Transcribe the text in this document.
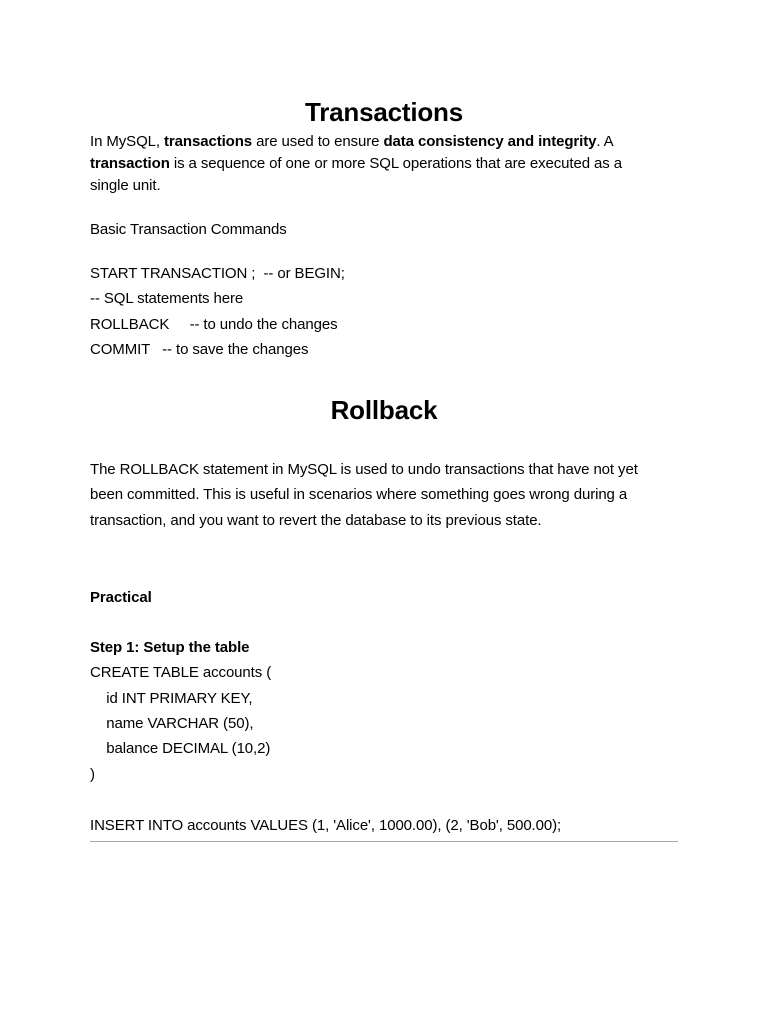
Transactions
In MySQL, transactions are used to ensure data consistency and integrity. A
transaction is a sequence of one or more SQL operations that are executed as a
single unit.
Basic Transaction Commands
START TRANSACTION ;  -- or BEGIN;
-- SQL statements here
ROLLBACK     -- to undo the changes
COMMIT   -- to save the changes
Rollback
The ROLLBACK statement in MySQL is used to undo transactions that have not yet
been committed. This is useful in scenarios where something goes wrong during a
transaction, and you want to revert the database to its previous state.
Practical
Step 1: Setup the table
CREATE TABLE accounts (
id INT PRIMARY KEY,
name VARCHAR (50),
balance DECIMAL (10,2)
)
INSERT INTO accounts VALUES (1, 'Alice', 1000.00), (2, 'Bob', 500.00);
